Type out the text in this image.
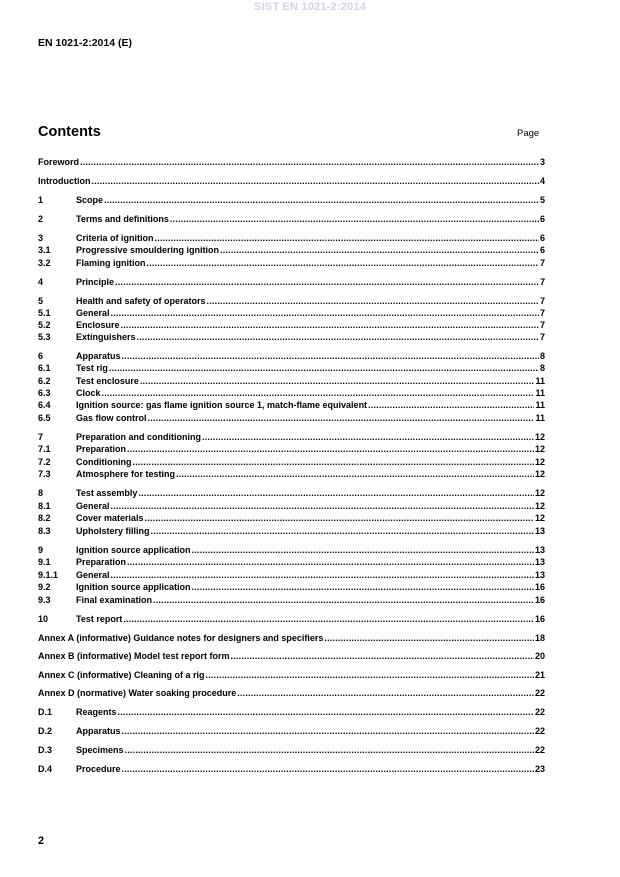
SIST EN 1021-2:2014
EN 1021-2:2014 (E)
Contents	Page
Foreword .....	3
Introduction .....	4
1	Scope .....	5
2	Terms and definitions .....	6
3	Criteria of ignition .....	6
3.1	Progressive smouldering ignition .....	6
3.2	Flaming ignition .....	7
4	Principle .....	7
5	Health and safety of operators .....	7
5.1	General .....	7
5.2	Enclosure .....	7
5.3	Extinguishers .....	7
6	Apparatus .....	8
6.1	Test rig .....	8
6.2	Test enclosure .....	11
6.3	Clock .....	11
6.4	Ignition source: gas flame ignition source 1, match-flame equivalent .....	11
6.5	Gas flow control .....	11
7	Preparation and conditioning .....	12
7.1	Preparation .....	12
7.2	Conditioning .....	12
7.3	Atmosphere for testing .....	12
8	Test assembly .....	12
8.1	General .....	12
8.2	Cover materials .....	12
8.3	Upholstery filling .....	13
9	Ignition source application .....	13
9.1	Preparation .....	13
9.1.1	General .....	13
9.2	Ignition source application .....	16
9.3	Final examination .....	16
10	Test report .....	16
Annex A (informative) Guidance notes for designers and specifiers .....	18
Annex B (informative) Model test report form .....	20
Annex C (informative) Cleaning of a rig .....	21
Annex D (normative) Water soaking procedure .....	22
D.1	Reagents .....	22
D.2	Apparatus .....	22
D.3	Specimens .....	22
D.4	Procedure .....	23
2
